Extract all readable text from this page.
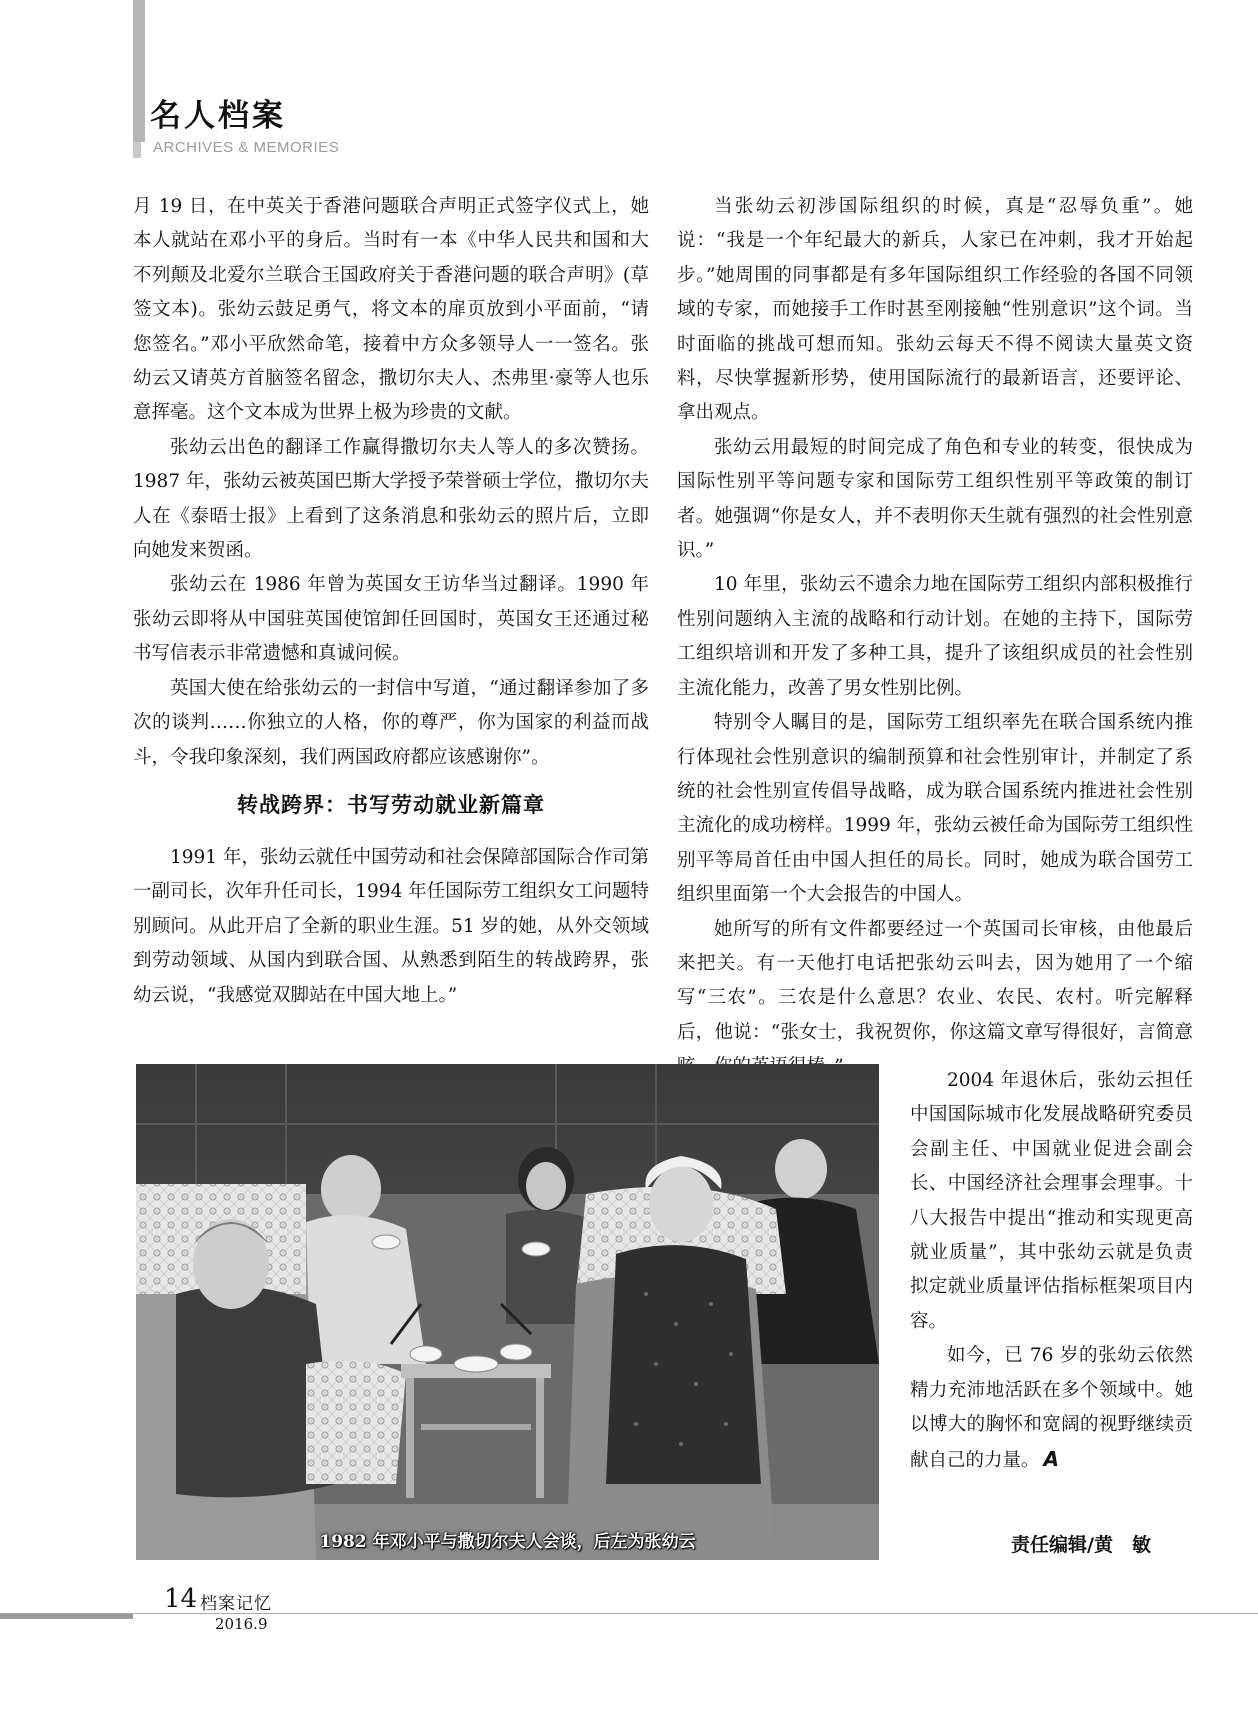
名人档案
ARCHIVES & MEMORIES

月 19 日，在中英关于香港问题联合声明正式签字仪式上，她本人就站在邓小平的身后。当时有一本《中华人民共和国和大不列颠及北爱尔兰联合王国政府关于香港问题的联合声明》(草签文本)。张幼云鼓足勇气，将文本的扉页放到小平面前，“请您签名。”邓小平欣然命笔，接着中方众多领导人一一签名。张幼云又请英方首脑签名留念，撒切尔夫人、杰弗里·豪等人也乐意挥毫。这个文本成为世界上极为珍贵的文献。

张幼云出色的翻译工作赢得撒切尔夫人等人的多次赞扬。1987 年，张幼云被英国巴斯大学授予荣誉硕士学位，撒切尔夫人在《泰晤士报》上看到了这条消息和张幼云的照片后，立即向她发来贺函。

张幼云在 1986 年曾为英国女王访华当过翻译。1990 年张幼云即将从中国驻英国使馆卸任回国时，英国女王还通过秘书写信表示非常遗憾和真诚问候。

英国大使在给张幼云的一封信中写道，“通过翻译参加了多次的谈判……你独立的人格，你的尊严，你为国家的利益而战斗，令我印象深刻，我们两国政府都应该感谢你”。

转战跨界：书写劳动就业新篇章

1991 年，张幼云就任中国劳动和社会保障部国际合作司第一副司长，次年升任司长，1994 年任国际劳工组织女工问题特别顾问。从此开启了全新的职业生涯。51 岁的她，从外交领域到劳动领域、从国内到联合国、从熟悉到陌生的转战跨界，张幼云说，“我感觉双脚站在中国大地上。”

当张幼云初涉国际组织的时候，真是“忍辱负重”。她说：“我是一个年纪最大的新兵，人家已在冲刺，我才开始起步。”她周围的同事都是有多年国际组织工作经验的各国不同领域的专家，而她接手工作时甚至刚接触“性别意识”这个词。当时面临的挑战可想而知。张幼云每天不得不阅读大量英文资料，尽快掌握新形势，使用国际流行的最新语言，还要评论、拿出观点。

张幼云用最短的时间完成了角色和专业的转变，很快成为国际性别平等问题专家和国际劳工组织性别平等政策的制订者。她强调“你是女人，并不表明你天生就有强烈的社会性别意识。”

10 年里，张幼云不遗余力地在国际劳工组织内部积极推行性别问题纳入主流的战略和行动计划。在她的主持下，国际劳工组织培训和开发了多种工具，提升了该组织成员的社会性别主流化能力，改善了男女性别比例。

特别令人瞩目的是，国际劳工组织率先在联合国系统内推行体现社会性别意识的编制预算和社会性别审计，并制定了系统的社会性别宣传倡导战略，成为联合国系统内推进社会性别主流化的成功榜样。1999 年，张幼云被任命为国际劳工组织性别平等局首任由中国人担任的局长。同时，她成为联合国劳工组织里面第一个大会报告的中国人。

她所写的所有文件都要经过一个英国司长审核，由他最后来把关。有一天他打电话把张幼云叫去，因为她用了一个缩写“三农”。三农是什么意思？农业、农民、农村。听完解释后，他说：“张女士，我祝贺你，你这篇文章写得很好，言简意

2004 年退休后，张幼云担任中国国际城市化发展战略研究委员会副主任、中国就业促进会副会长、中国经济社会理事会理事。十八大报告中提出“推动和实现更高就业质量”，其中张幼云就是负责拟定就业质量评估指标框架项目内容。

如今，已 76 岁的张幼云依然精力充沛地活跃在多个领域中。她以博大的胸怀和宽阔的视野继续贡献自己的力量。 A

责任编辑/黄　敏
1982 年邓小平与撒切尔夫人会谈，后左为张幼云
14 档案记忆
2016.9
